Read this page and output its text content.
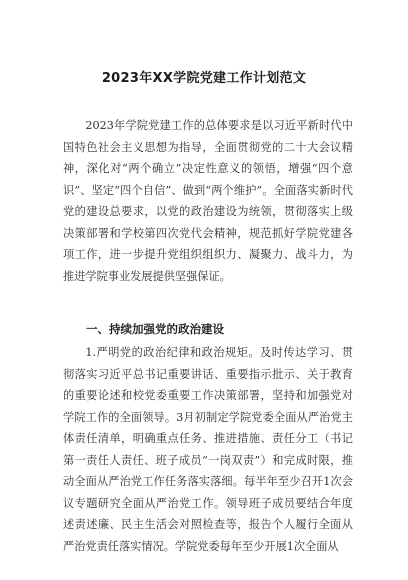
2023年XX学院党建工作计划范文

2023年学院党建工作的总体要求是以习近平新时代中国特色社会主义思想为指导，全面贯彻党的二十大会议精神，深化对“两个确立”决定性意义的领悟，增强“四个意识”、坚定“四个自信”、做到“两个维护”。全面落实新时代党的建设总要求，以党的政治建设为统领，贯彻落实上级决策部署和学校第四次党代会精神，规范抓好学院党建各项工作，进一步提升党组织组织力、凝聚力、战斗力，为推进学院事业发展提供坚强保证。

一、持续加强党的政治建设

1.严明党的政治纪律和政治规矩。及时传达学习、贯彻落实习近平总书记重要讲话、重要指示批示、关于教育的重要论述和校党委重要工作决策部署，坚持和加强党对学院工作的全面领导。3月初制定学院党委全面从严治党主体责任清单，明确重点任务、推进措施、责任分工（书记第一责任人责任、班子成员“一岗双责”）和完成时限，推动全面从严治党工作任务落实落细。每半年至少召开1次会议专题研究全面从严治党工作。领导班子成员要结合年度述责述廉、民主生活会对照检查等，报告个人履行全面从严治党责任落实情况。学院党委每年至少开展1次全面从
